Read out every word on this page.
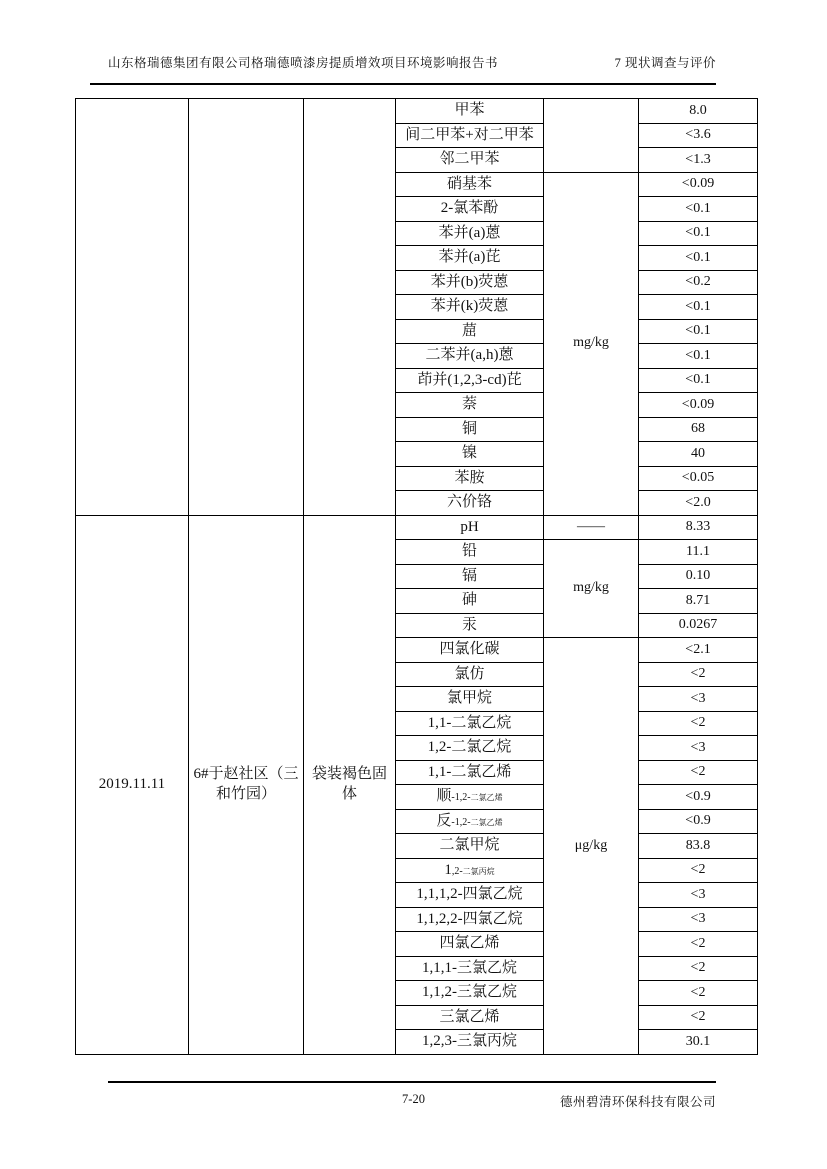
山东格瑞德集团有限公司格瑞德喷漆房提质增效项目环境影响报告书	7 现状调查与评价
			甲苯		8.0
			间二甲苯+对二甲苯		<3.6
			邻二甲苯		<1.3
			硝基苯	mg/kg	<0.09
			2-氯苯酚		<0.1
			苯并(a)蒽		<0.1
			苯并(a)芘		<0.1
			苯并(b)荧蒽		<0.2
			苯并(k)荧蒽		<0.1
			䓛		<0.1
			二苯并(a,h)蒽		<0.1
			茚并(1,2,3-cd)芘		<0.1
			萘		<0.09
			铜		68
			镍		40
			苯胺		<0.05
			六价铬		<2.0
2019.11.11	6#于赵社区（三和竹园）	袋装褐色固体	pH	——	8.33
			铅	mg/kg	11.1
			镉		0.10
			砷		8.71
			汞		0.0267
			四氯化碳	μg/kg	<2.1
			氯仿		<2
			氯甲烷		<3
			1,1-二氯乙烷		<2
			1,2-二氯乙烷		<3
			1,1-二氯乙烯		<2
			顺-1,2-二氯乙烯		<0.9
			反-1,2-二氯乙烯		<0.9
			二氯甲烷		83.8
			1,2-二氯丙烷		<2
			1,1,1,2-四氯乙烷		<3
			1,1,2,2-四氯乙烷		<3
			四氯乙烯		<2
			1,1,1-三氯乙烷		<2
			1,1,2-三氯乙烷		<2
			三氯乙烯		<2
			1,2,3-三氯丙烷		30.1
7-20	德州碧清环保科技有限公司
